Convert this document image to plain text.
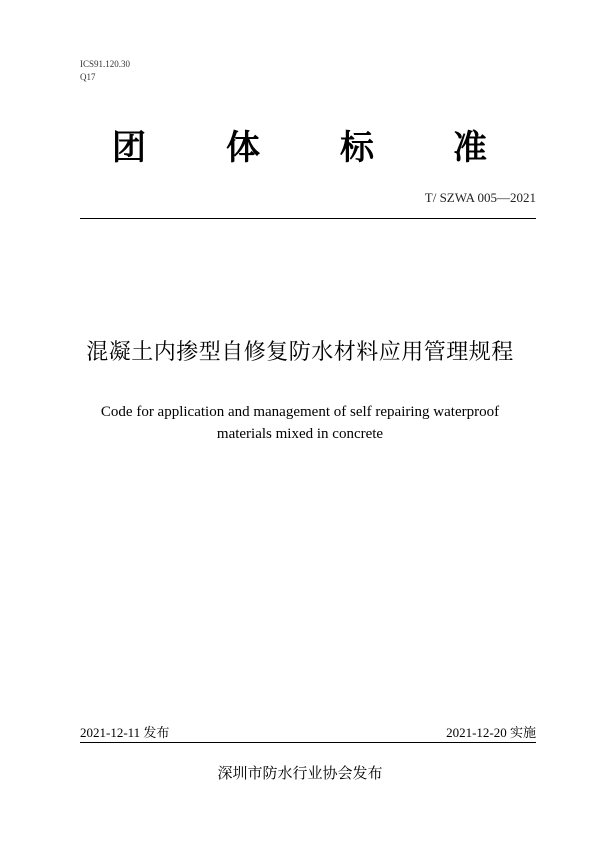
ICS91.120.30
Q17
团 体 标 准
T/ SZWA 005—2021
混凝土内掺型自修复防水材料应用管理规程
Code for application and management of self repairing waterproof
materials mixed in concrete
2021-12-11 发布	2021-12-20 实施
深圳市防水行业协会发布
